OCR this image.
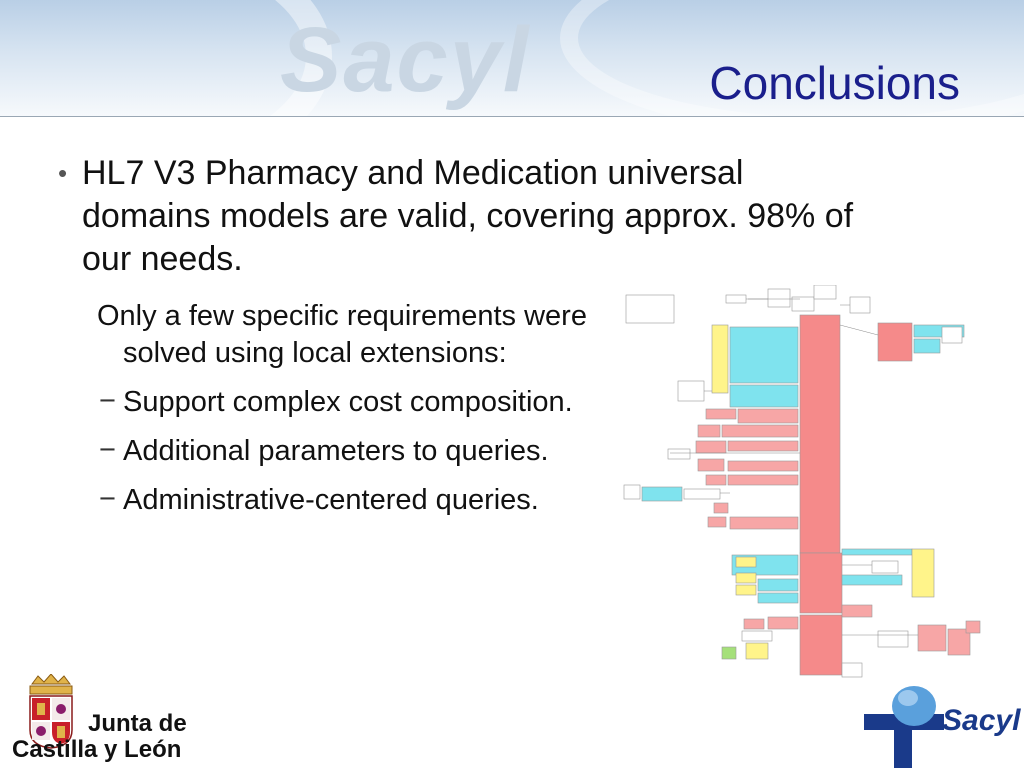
Sacyl	Conclusions
• HL7 V3 Pharmacy and Medication universal domains models are valid, covering approx. 98% of our needs.

Only a few specific requirements were solved using local extensions:

− Support complex cost composition.
− Additional parameters to queries.
− Administrative-centered queries.
Junta de
Castilla y León
Sacyl
